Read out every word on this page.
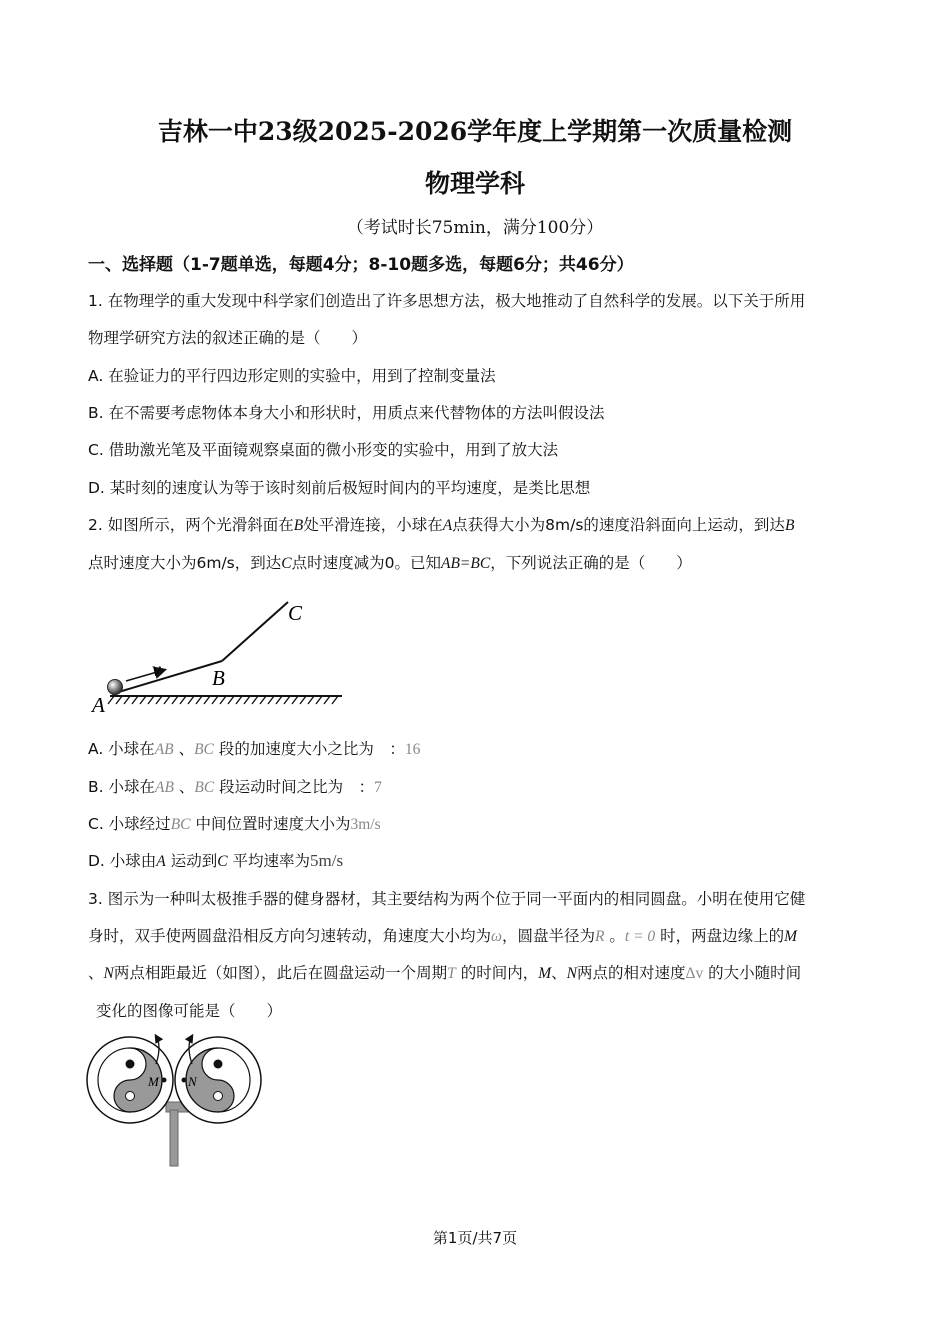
吉林一中23级2025-2026学年度上学期第一次质量检测
物理学科
（考试时长75min，满分100分）
一、选择题（1-7题单选，每题4分；8-10题多选，每题6分；共46分）
1. 在物理学的重大发现中科学家们创造出了许多思想方法，极大地推动了自然科学的发展。以下关于所用
物理学研究方法的叙述正确的是（　　）
A. 在验证力的平行四边形定则的实验中，用到了控制变量法
B. 在不需要考虑物体本身大小和形状时，用质点来代替物体的方法叫假设法
C. 借助激光笔及平面镜观察桌面的微小形变的实验中，用到了放大法
D. 某时刻的速度认为等于该时刻前后极短时间内的平均速度，是类比思想
2. 如图所示，两个光滑斜面在B处平滑连接，小球在A点获得大小为8m/s的速度沿斜面向上运动，到达B
点时速度大小为6m/s，到达C点时速度减为0。已知AB=BC，下列说法正确的是（　　）
v B
C
A
A. 小球在AB 、BC 段的加速度大小之比为　：16
B. 小球在AB 、BC 段运动时间之比为　：7
C. 小球经过BC 中间位置时速度大小为3m/s
D. 小球由A 运动到C 平均速率为5m/s
3. 图示为一种叫太极推手器的健身器材，其主要结构为两个位于同一平面内的相同圆盘。小明在使用它健
身时，双手使两圆盘沿相反方向匀速转动，角速度大小均为ω，圆盘半径为R 。t = 0 时，两盘边缘上的M
、N两点相距最近（如图），此后在圆盘运动一个周期T 的时间内，M、N两点的相对速度Δv 的大小随时间
变化的图像可能是（　　）
M N
第1页/共7页
